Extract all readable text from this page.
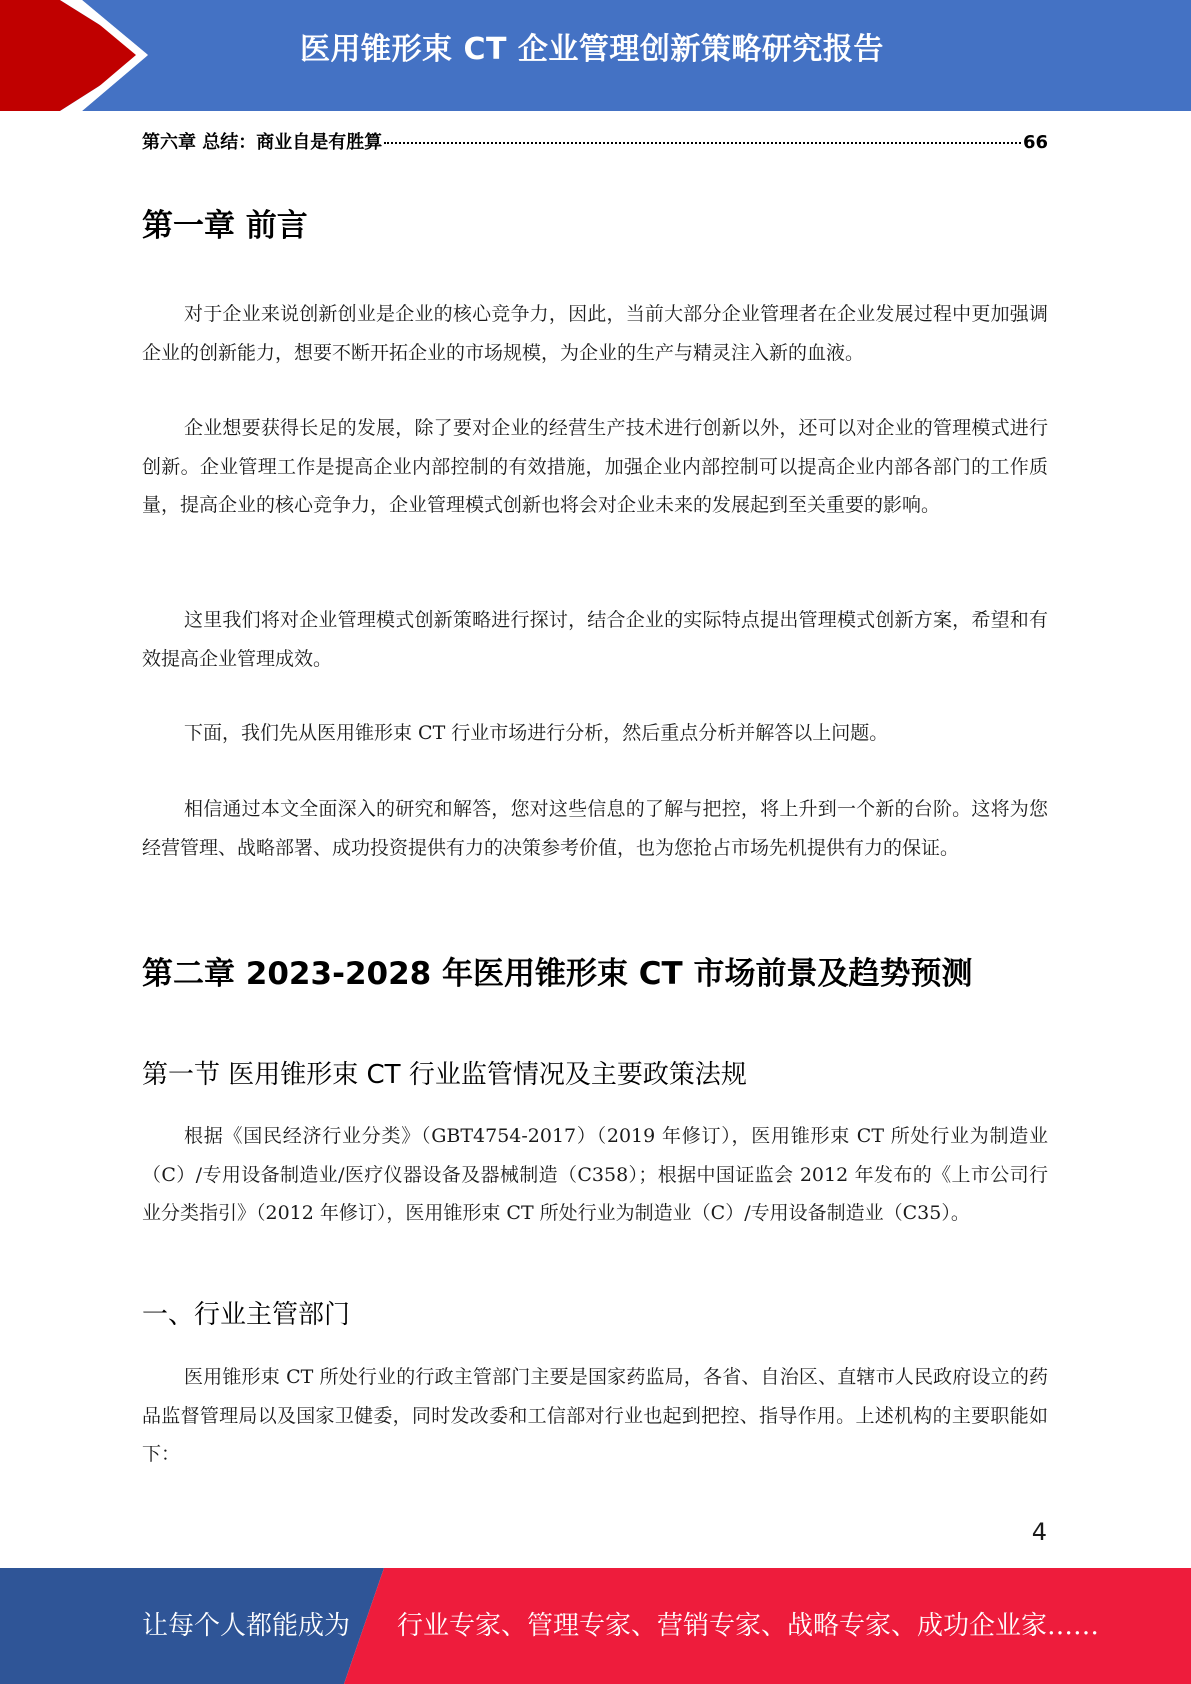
医用锥形束 CT 企业管理创新策略研究报告
第六章 总结：商业自是有胜算	66
第一章 前言

对于企业来说创新创业是企业的核心竞争力，因此，当前大部分企业管理者在企业发展过程中更加强调企业的创新能力，想要不断开拓企业的市场规模，为企业的生产与精灵注入新的血液。

企业想要获得长足的发展，除了要对企业的经营生产技术进行创新以外，还可以对企业的管理模式进行创新。企业管理工作是提高企业内部控制的有效措施，加强企业内部控制可以提高企业内部各部门的工作质量，提高企业的核心竞争力，企业管理模式创新也将会对企业未来的发展起到至关重要的影响。

这里我们将对企业管理模式创新策略进行探讨，结合企业的实际特点提出管理模式创新方案，希望和有效提高企业管理成效。

下面，我们先从医用锥形束 CT 行业市场进行分析，然后重点分析并解答以上问题。

相信通过本文全面深入的研究和解答，您对这些信息的了解与把控，将上升到一个新的台阶。这将为您经营管理、战略部署、成功投资提供有力的决策参考价值，也为您抢占市场先机提供有力的保证。

第二章 2023-2028 年医用锥形束 CT 市场前景及趋势预测
第一节 医用锥形束 CT 行业监管情况及主要政策法规

根据《国民经济行业分类》（GBT4754-2017）（2019 年修订），医用锥形束 CT 所处行业为制造业（C）/专用设备制造业/医疗仪器设备及器械制造（C358）；根据中国证监会 2012 年发布的《上市公司行业分类指引》（2012 年修订），医用锥形束 CT 所处行业为制造业（C）/专用设备制造业（C35）。

一、行业主管部门

医用锥形束 CT 所处行业的行政主管部门主要是国家药监局，各省、自治区、直辖市人民政府设立的药品监督管理局以及国家卫健委，同时发改委和工信部对行业也起到把控、指导作用。上述机构的主要职能如下：

4
让每个人都能成为 行业专家、管理专家、营销专家、战略专家、成功企业家……
